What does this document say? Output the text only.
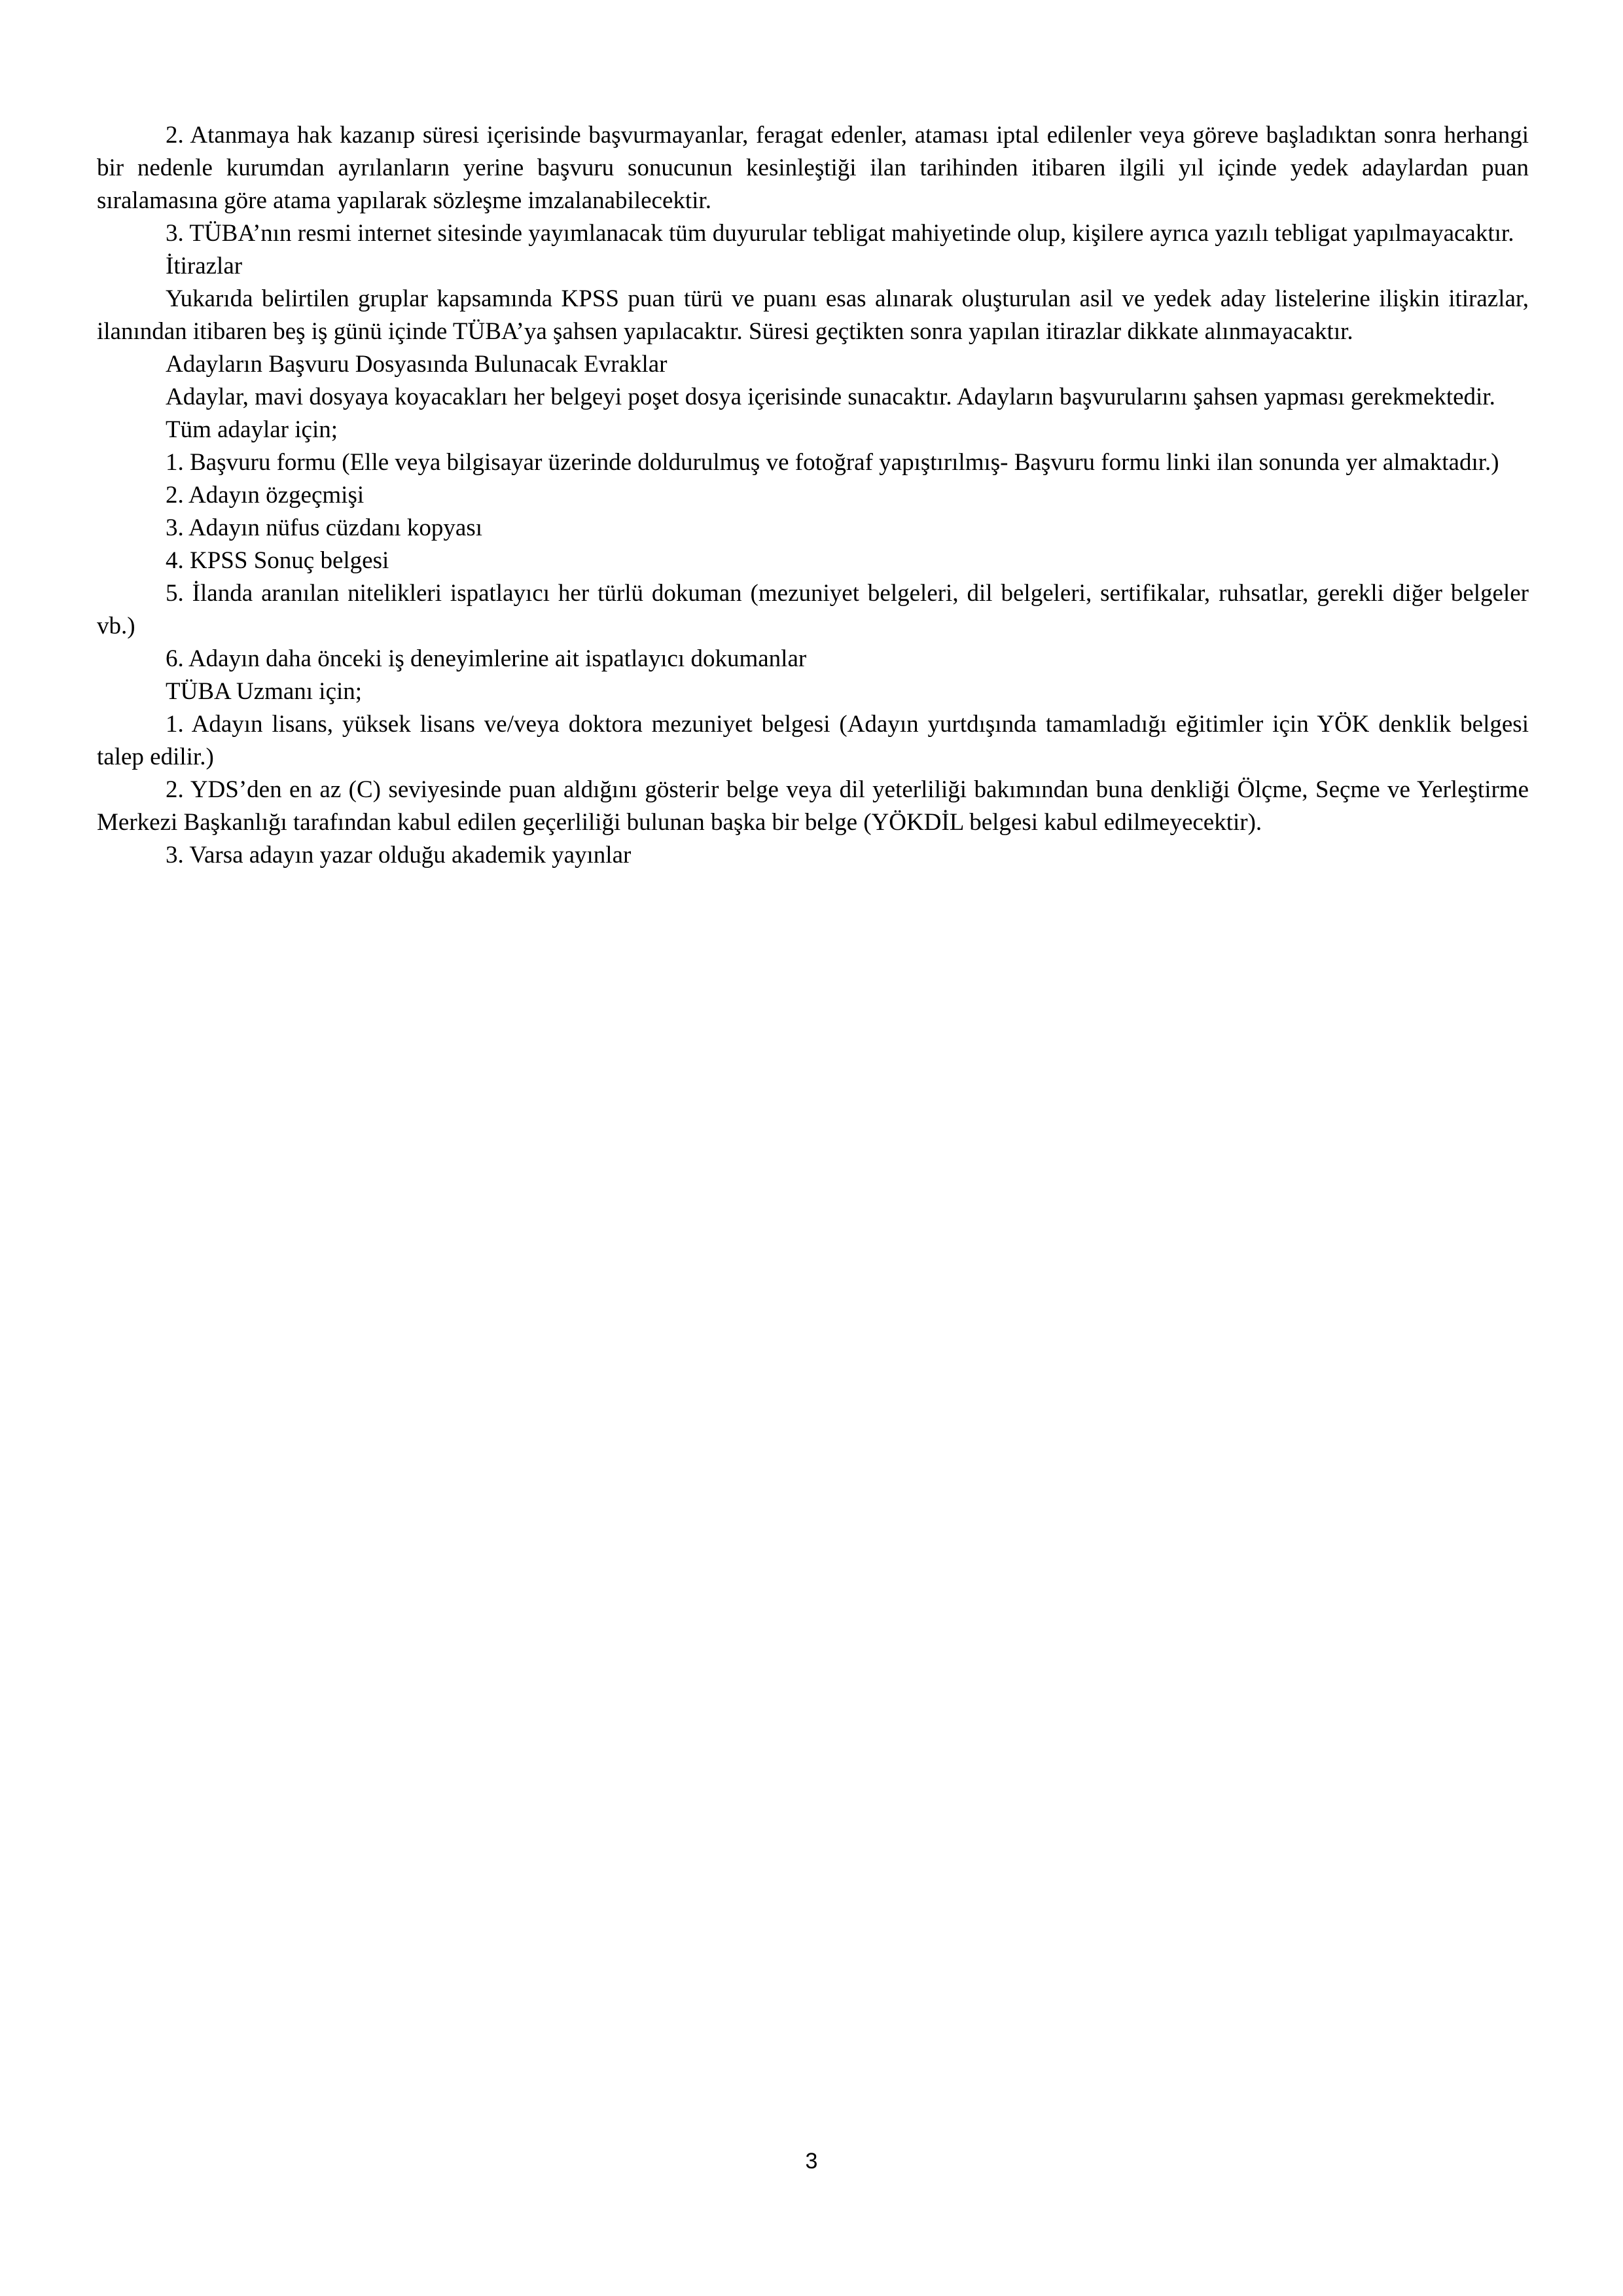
2. Atanmaya hak kazanıp süresi içerisinde başvurmayanlar, feragat edenler, ataması iptal edilenler veya göreve başladıktan sonra herhangi bir nedenle kurumdan ayrılanların yerine başvuru sonucunun kesinleştiği ilan tarihinden itibaren ilgili yıl içinde yedek adaylardan puan sıralamasına göre atama yapılarak sözleşme imzalanabilecektir.

3. TÜBA’nın resmi internet sitesinde yayımlanacak tüm duyurular tebligat mahiyetinde olup, kişilere ayrıca yazılı tebligat yapılmayacaktır.

İtirazlar

Yukarıda belirtilen gruplar kapsamında KPSS puan türü ve puanı esas alınarak oluşturulan asil ve yedek aday listelerine ilişkin itirazlar, ilanından itibaren beş iş günü içinde TÜBA’ya şahsen yapılacaktır. Süresi geçtikten sonra yapılan itirazlar dikkate alınmayacaktır.

Adayların Başvuru Dosyasında Bulunacak Evraklar

Adaylar, mavi dosyaya koyacakları her belgeyi poşet dosya içerisinde sunacaktır. Adayların başvurularını şahsen yapması gerekmektedir.

Tüm adaylar için;

1. Başvuru formu (Elle veya bilgisayar üzerinde doldurulmuş ve fotoğraf yapıştırılmış- Başvuru formu linki ilan sonunda yer almaktadır.)

2. Adayın özgeçmişi

3. Adayın nüfus cüzdanı kopyası

4. KPSS Sonuç belgesi

5. İlanda aranılan nitelikleri ispatlayıcı her türlü dokuman (mezuniyet belgeleri, dil belgeleri, sertifikalar, ruhsatlar, gerekli diğer belgeler vb.)

6. Adayın daha önceki iş deneyimlerine ait ispatlayıcı dokumanlar

TÜBA Uzmanı için;

1. Adayın lisans, yüksek lisans ve/veya doktora mezuniyet belgesi (Adayın yurtdışında tamamladığı eğitimler için YÖK denklik belgesi talep edilir.)

2. YDS’den en az (C) seviyesinde puan aldığını gösterir belge veya dil yeterliliği bakımından buna denkliği Ölçme, Seçme ve Yerleştirme Merkezi Başkanlığı tarafından kabul edilen geçerliliği bulunan başka bir belge (YÖKDİL belgesi kabul edilmeyecektir).

3. Varsa adayın yazar olduğu akademik yayınlar

3
